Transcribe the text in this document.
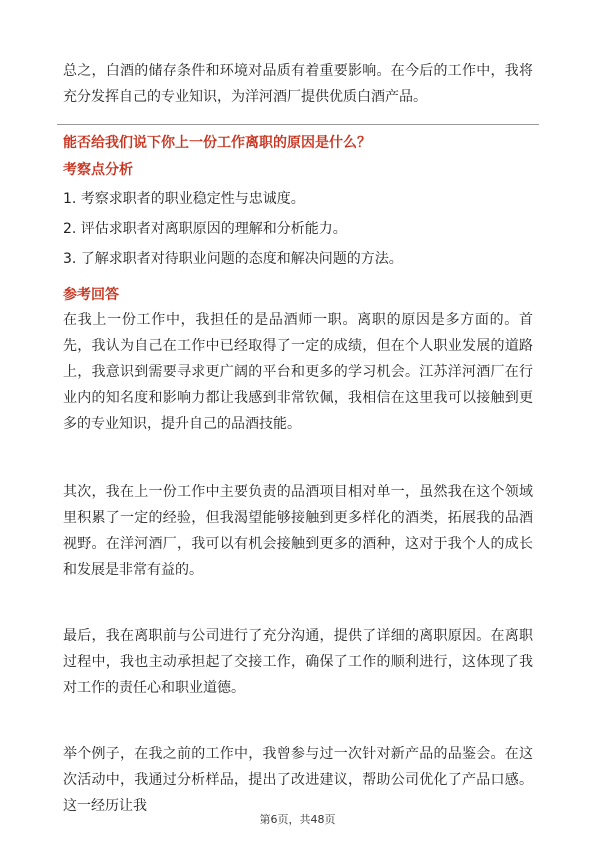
总之，白酒的储存条件和环境对品质有着重要影响。在今后的工作中，我将充分发挥自己的专业知识，为洋河酒厂提供优质白酒产品。

能否给我们说下你上一份工作离职的原因是什么？

考察点分析

1. 考察求职者的职业稳定性与忠诚度。
2. 评估求职者对离职原因的理解和分析能力。
3. 了解求职者对待职业问题的态度和解决问题的方法。

参考回答

在我上一份工作中，我担任的是品酒师一职。离职的原因是多方面的。首先，我认为自己在工作中已经取得了一定的成绩，但在个人职业发展的道路上，我意识到需要寻求更广阔的平台和更多的学习机会。江苏洋河酒厂在行业内的知名度和影响力都让我感到非常钦佩，我相信在这里我可以接触到更多的专业知识，提升自己的品酒技能。

其次，我在上一份工作中主要负责的品酒项目相对单一，虽然我在这个领域里积累了一定的经验，但我渴望能够接触到更多样化的酒类，拓展我的品酒视野。在洋河酒厂，我可以有机会接触到更多的酒种，这对于我个人的成长和发展是非常有益的。

最后，我在离职前与公司进行了充分沟通，提供了详细的离职原因。在离职过程中，我也主动承担起了交接工作，确保了工作的顺利进行，这体现了我对工作的责任心和职业道德。

举个例子，在我之前的工作中，我曾参与过一次针对新产品的品鉴会。在这次活动中，我通过分析样品，提出了改进建议，帮助公司优化了产品口感。这一经历让我

第6页，共48页
